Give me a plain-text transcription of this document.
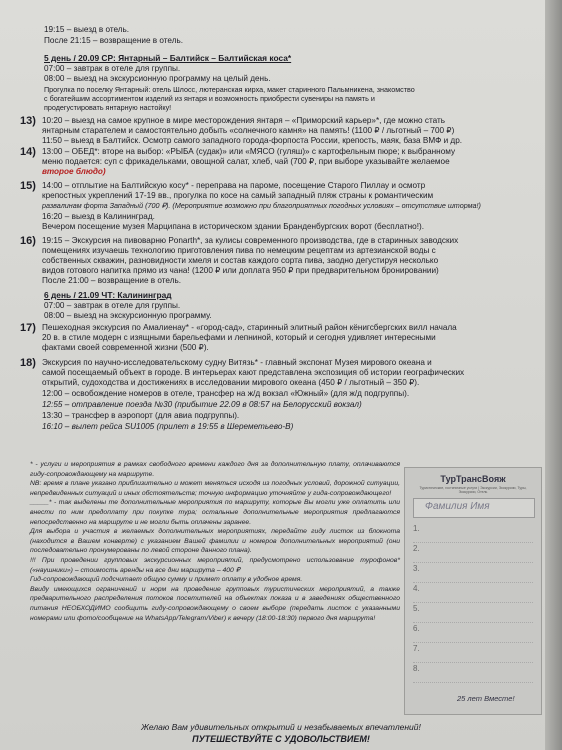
19:15 – выезд в отель.
После 21:15 – возвращение в отель.
5 день / 20.09 СР: Янтарный – Балтийск – Балтийская коса*
07:00 – завтрак в отеле для группы.
08:00 – выезд на экскурсионную программу на целый день.
Прогулка по поселку Янтарный: отель Шлосс, лютеранская кирха, макет старинного Пальмникена, знакомство
с богатейшим ассортиментом изделий из янтаря и возможность приобрести сувениры на память и
продегустировать янтарную настойку!
13) 10:20 – выезд на самое крупное в мире месторождения янтаря – «Приморский карьер»*, где можно стать
янтарным старателем и самостоятельно добыть «солнечного камня» на память! (1100 ₽ / льготный – 700 ₽)
11:50 – выезд в Балтийск. Осмотр самого западного города-форпоста России, крепость, маяк, база ВМФ и др.
14) 13:00 – ОБЕД*: вторе на выбор: «РЫБА (судак)» или «МЯСО (гуляш)» с картофельным пюре; к выбранному
меню подается: суп с фрикадельками, овощной салат, хлеб, чай (700 ₽, при выборе указывайте желаемое
второе блюдо)
15) 14:00 – отплытие на Балтийскую косу* - переправа на пароме, посещение Старого Пиллау и осмотр
крепостных укреплений 17-19 вв., прогулка по косе на самый западный пляж страны к романтическим
развалинам форта Западный (700 ₽). (Мероприятие возможно при благоприятных погодных условиях – отсутствие шторма!)
16:20 – выезд в Калининград.
Вечером посещение музея Марципана в историческом здании Бранденбургских ворот (бесплатно!).
16) 19:15 – Экскурсия на пивоварню Ponarth*, за кулисы современного производства, где в старинных заводских
помещениях изучаешь технологию приготовления пива по немецким рецептам из артезианской воды с
собственных скважин, разновидности хмеля и состав каждого сорта пива, заодно дегустируя несколько
видов готового напитка прямо из чана! (1200 ₽ или доплата 950 ₽ при предварительном бронировании)
После 21:00 – возвращение в отель.
6 день / 21.09 ЧТ: Калининград
07:00 – завтрак в отеле для группы.
08:00 – выезд на экскурсионную программу.
17) Пешеходная экскурсия по Амалиенау* - «город-сад», старинный элитный район кёнигсбергских вилл начала
20 в. в стиле модерн с изящными барельефами и лепниной, который и сегодня удивляет интересными
фактами своей современной жизни (500 ₽).
18) Экскурсия по научно-исследовательскому судну Витязь* - главный экспонат Музея мирового океана и
самой посещаемый объект в городе. В интерьерах кают представлена экспозиция об истории географических
открытий, судоходства и достижениях в исследовании мирового океана (450 ₽ / льготный – 350 ₽).
12:00 – освобождение номеров в отеле, трансфер на ж/д вокзал «Южный» (для ж/д подгруппы).
12:55 – отправление поезда №30 (прибытие 22.09 в 08:57 на Белорусский вокзал)
13:30 – трансфер в аэропорт (для авиа подгруппы).
16:10 – вылет рейса SU1005 (прилет в 19:55 в Шереметьево-В)

* - услуги и мероприятия в рамках свободного времени каждого дня за дополнительную плату, оплачиваются гиду-сопровождающему на маршруте.

NB: время в плане указано приблизительно и может меняться исходя из погодных условий, дорожной ситуации, непредвиденных ситуаций и иных обстоятельств; точную информацию уточняйте у гида-сопровождающего!

_____* - так выделены те дополнительные мероприятия по маршруту, которые Вы могли уже оплатить или внести по ним предоплату при покупке тура; остальные дополнительные мероприятия предлагаются непосредственно на маршруте и не могли быть оплачены заранее.

Для выбора и участия в желаемых дополнительных мероприятиях, передайте гиду листок из блокнота (находится в Вашем конверте) с указанием Вашей фамилии и номеров дополнительных мероприятий (они последовательно пронумерованы по левой стороне данного плана).

!!! При проведении групповых экскурсионных мероприятий, предусмотрено использование турофонов* («наушники») – стоимость аренды на все дни маршрута – 400 ₽

Гид-сопровождающий подсчитает общую сумму и примет оплату в удобное время.

Ввиду имеющихся ограничений и норм на проведение групповых туристических мероприятий, а также предварительного распределения потоков посетителей на объектах показа и в заведениях общественного питания НЕОБХОДИМО сообщить гиду-сопровождающему о своем выборе (передать листок с указанными номерами или фото/сообщение на WhatsApp/Telegram/Viber) к вечеру (18:00-18:30) первого дня маршрута!

ТурТрансВояж
Туристические, гостиничные услуги | Экскурсии, Экскурсии, Туры, Экскурсии, Отель
Фамилия Имя
1.
2.
3.
4.
5.
6.
7.
8.
25 лет Вместе!
Желаю Вам удивительных открытий и незабываемых впечатлений!
ПУТЕШЕСТВУЙТЕ С УДОВОЛЬСТВИЕМ!
